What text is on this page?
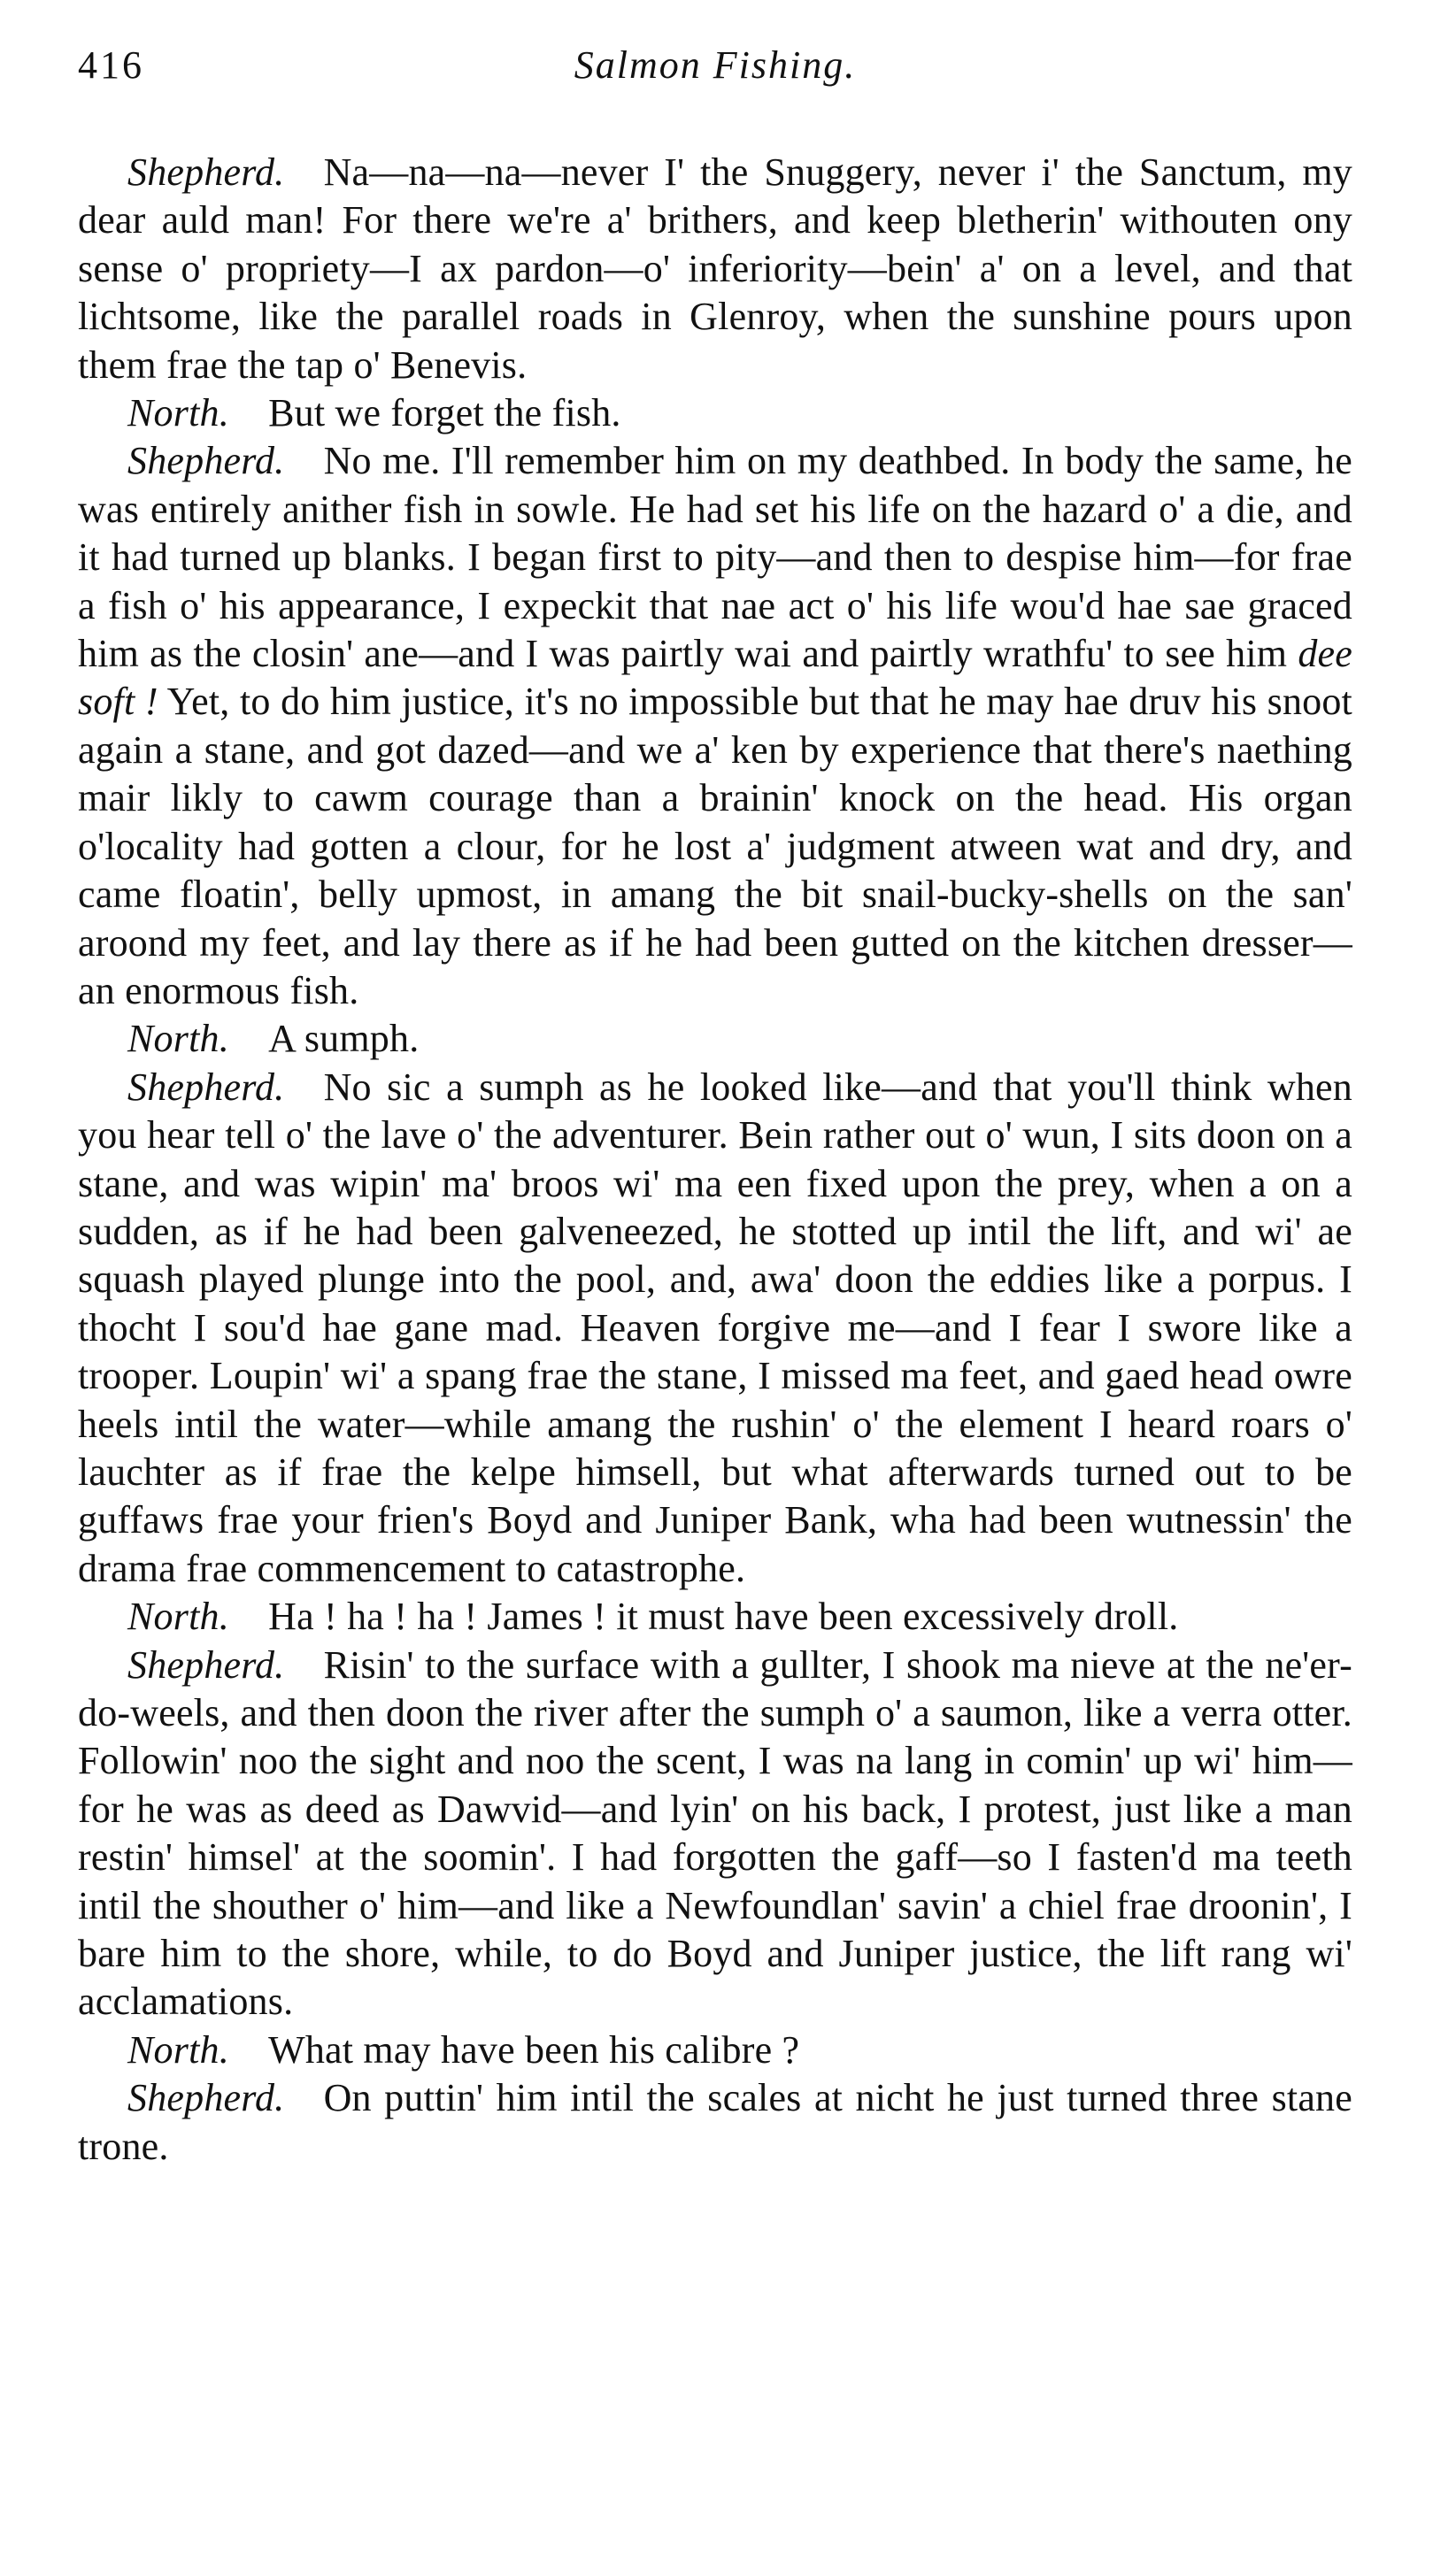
416	Salmon Fishing.

Shepherd.  Na—na—na—never I' the Snuggery, never i' the Sanctum, my dear auld man! For there we're a' brithers, and keep bletherin' withouten ony sense o' propriety—I ax pardon—o' inferiority—bein' a' on a level, and that lichtsome, like the parallel roads in Glenroy, when the sunshine pours upon them frae the tap o' Benevis.

North.  But we forget the fish.

Shepherd.  No me. I'll remember him on my deathbed. In body the same, he was entirely anither fish in sowle. He had set his life on the hazard o' a die, and it had turned up blanks. I began first to pity—and then to despise him—for frae a fish o' his appearance, I expeckit that nae act o' his life wou'd hae sae graced him as the closin' ane—and I was pairtly wai and pairtly wrathfu' to see him dee soft ! Yet, to do him justice, it's no impossible but that he may hae druv his snoot again a stane, and got dazed—and we a' ken by experience that there's naething mair likly to cawm courage than a brainin' knock on the head. His organ o'locality had gotten a clour, for he lost a' judgment atween wat and dry, and came floatin', belly upmost, in amang the bit snail-bucky-shells on the san' aroond my feet, and lay there as if he had been gutted on the kitchen dresser—an enormous fish.

North.  A sumph.

Shepherd.  No sic a sumph as he looked like—and that you'll think when you hear tell o' the lave o' the adventurer. Bein rather out o' wun, I sits doon on a stane, and was wipin' ma' broos wi' ma een fixed upon the prey, when a on a sudden, as if he had been galveneezed, he stotted up intil the lift, and wi' ae squash played plunge into the pool, and, awa' doon the eddies like a porpus. I thocht I sou'd hae gane mad. Heaven forgive me—and I fear I swore like a trooper. Loupin' wi' a spang frae the stane, I missed ma feet, and gaed head owre heels intil the water—while amang the rushin' o' the element I heard roars o' lauchter as if frae the kelpe himsell, but what afterwards turned out to be guffaws frae your frien's Boyd and Juniper Bank, wha had been wutnessin' the drama frae commencement to catastrophe.

North.  Ha ! ha ! ha ! James ! it must have been excessively droll.

Shepherd.  Risin' to the surface with a gullter, I shook ma nieve at the ne'er-do-weels, and then doon the river after the sumph o' a saumon, like a verra otter. Followin' noo the sight and noo the scent, I was na lang in comin' up wi' him—for he was as deed as Dawvid—and lyin' on his back, I protest, just like a man restin' himsel' at the soomin'. I had forgotten the gaff—so I fasten'd ma teeth intil the shouther o' him—and like a Newfoundlan' savin' a chiel frae droonin', I bare him to the shore, while, to do Boyd and Juniper justice, the lift rang wi' acclamations.

North.  What may have been his calibre ?

Shepherd.  On puttin' him intil the scales at nicht he just turned three stane trone.
